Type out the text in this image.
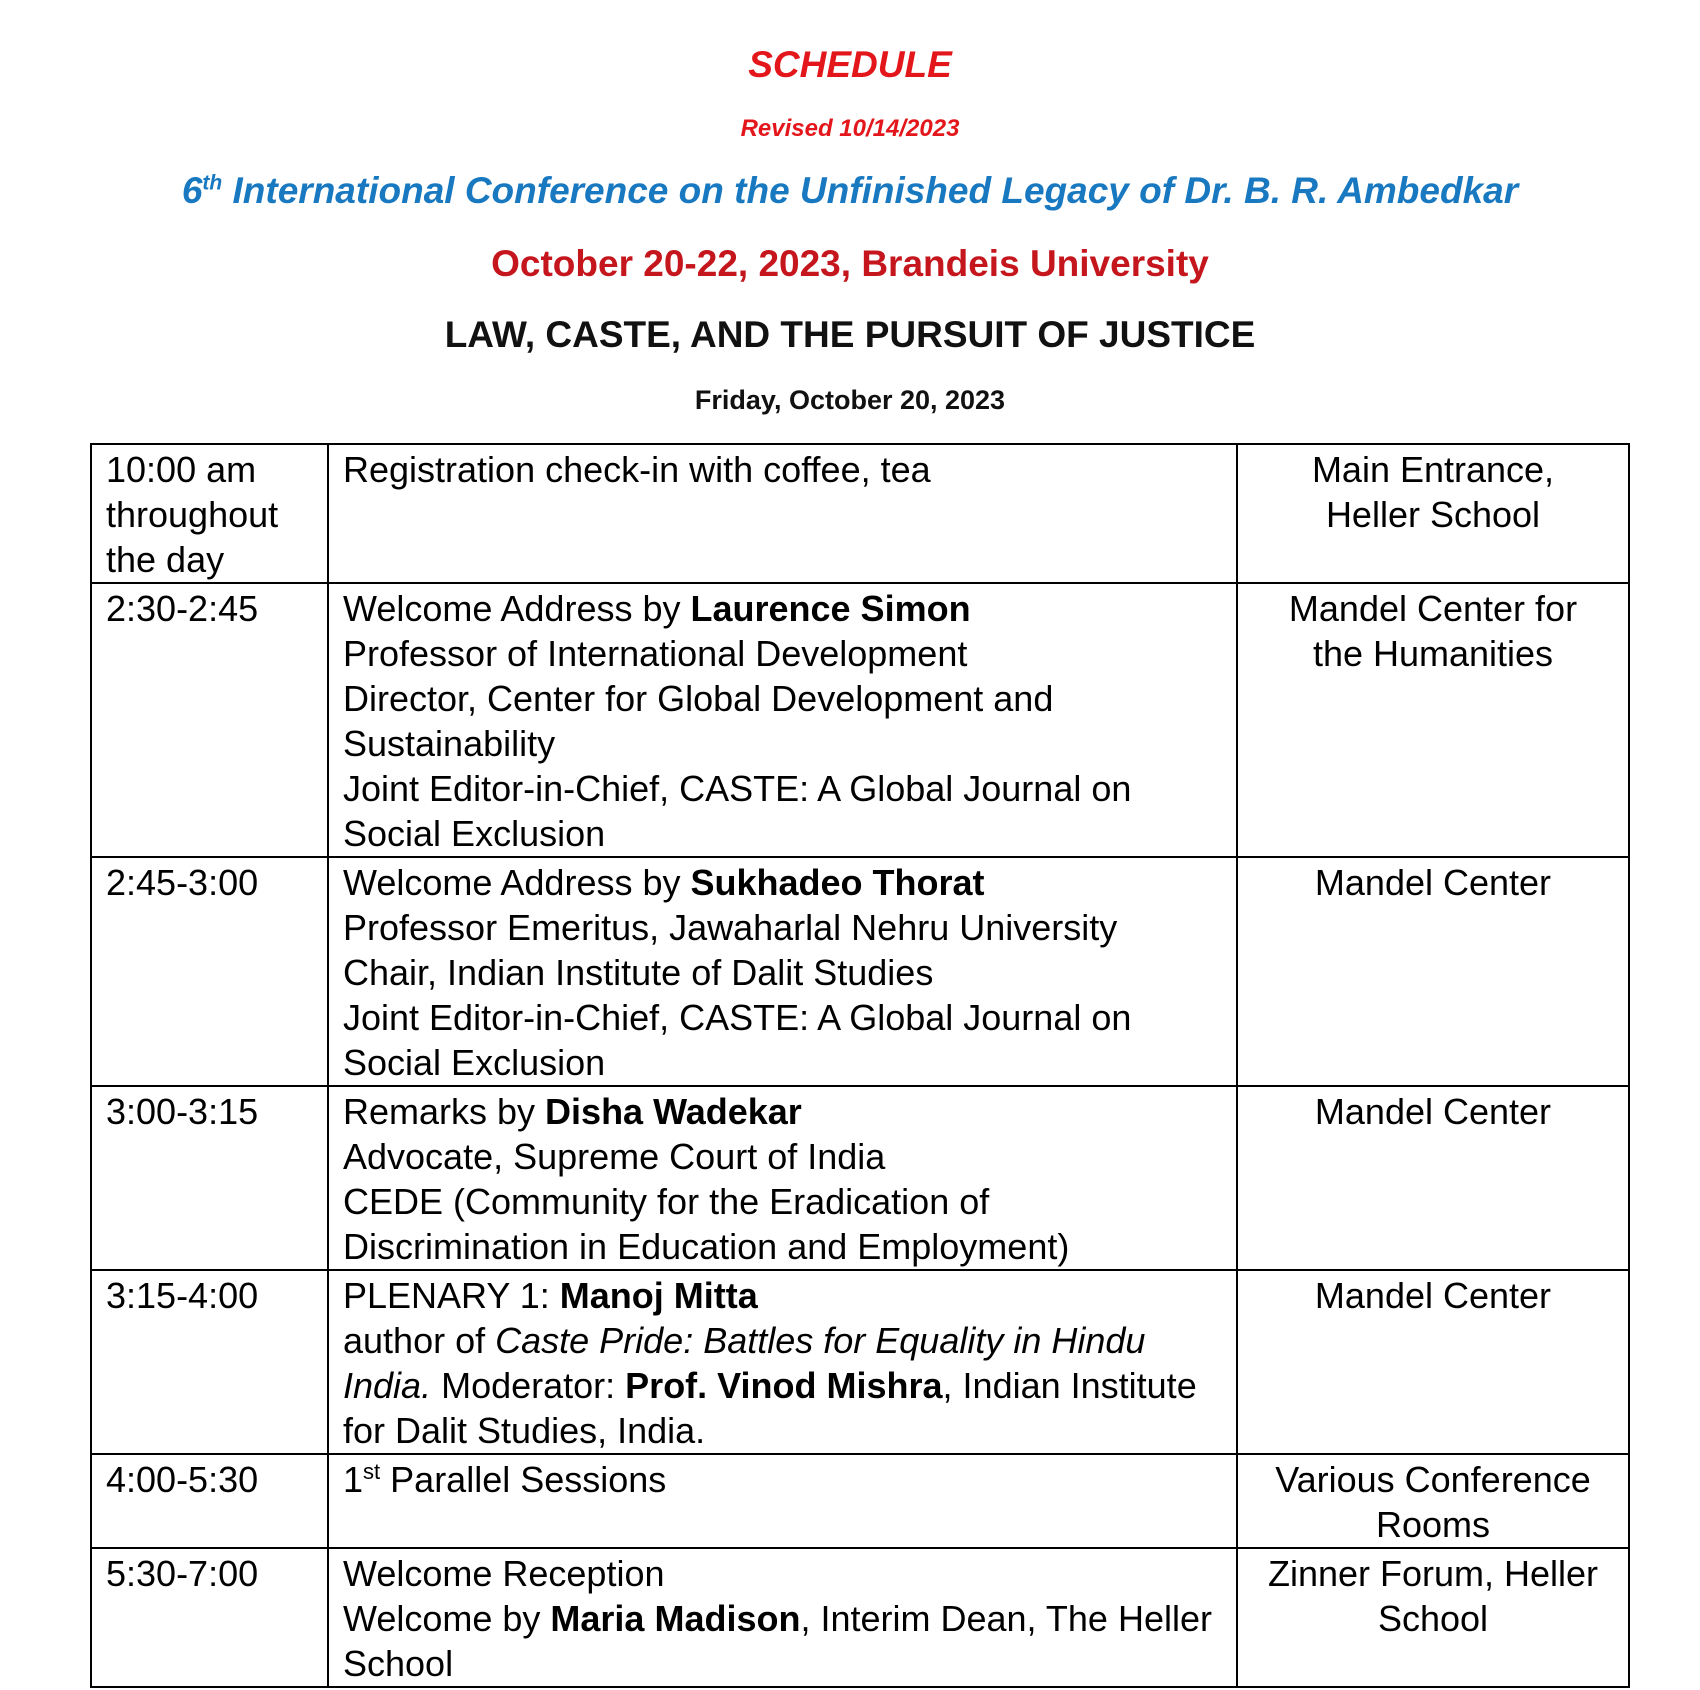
SCHEDULE
Revised 10/14/2023
6th International Conference on the Unfinished Legacy of Dr. B. R. Ambedkar
October 20-22, 2023, Brandeis University
LAW, CASTE, AND THE PURSUIT OF JUSTICE
Friday, October 20, 2023
10:00 am
throughout
the day	Registration check-in with coffee, tea	Main Entrance,
Heller School

2:30-2:45	Welcome Address by Laurence Simon
Professor of International Development
Director, Center for Global Development and Sustainability
Joint Editor-in-Chief, CASTE: A Global Journal on Social Exclusion	Mandel Center for
the Humanities

2:45-3:00	Welcome Address by Sukhadeo Thorat
Professor Emeritus, Jawaharlal Nehru University
Chair, Indian Institute of Dalit Studies
Joint Editor-in-Chief, CASTE: A Global Journal on Social Exclusion	Mandel Center

3:00-3:15	Remarks by Disha Wadekar
Advocate, Supreme Court of India
CEDE (Community for the Eradication of Discrimination in Education and Employment)	Mandel Center

3:15-4:00	PLENARY 1: Manoj Mitta
author of Caste Pride: Battles for Equality in Hindu India. Moderator: Prof. Vinod Mishra, Indian Institute for Dalit Studies, India.	Mandel Center

4:00-5:30	1st Parallel Sessions	Various Conference
Rooms

5:30-7:00	Welcome Reception
Welcome by Maria Madison, Interim Dean, The Heller School	Zinner Forum, Heller
School
